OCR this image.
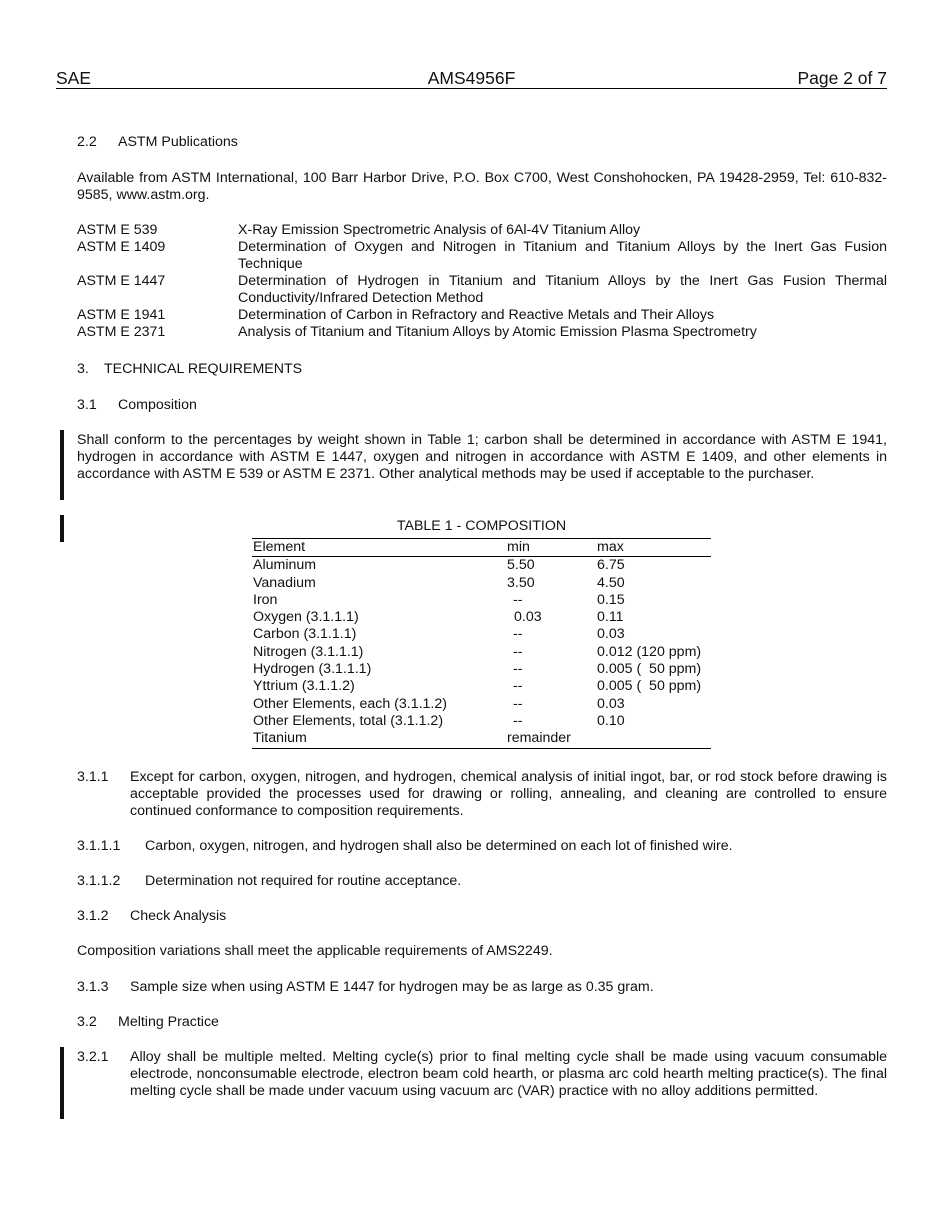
SAE	AMS4956F	Page 2 of 7
2.2 ASTM Publications
Available from ASTM International, 100 Barr Harbor Drive, P.O. Box C700, West Conshohocken, PA 19428-2959, Tel: 610-832-9585, www.astm.org.
ASTM E 539	X-Ray Emission Spectrometric Analysis of 6Al-4V Titanium Alloy
ASTM E 1409	Determination of Oxygen and Nitrogen in Titanium and Titanium Alloys by the Inert Gas Fusion Technique
ASTM E 1447	Determination of Hydrogen in Titanium and Titanium Alloys by the Inert Gas Fusion Thermal Conductivity/Infrared Detection Method
ASTM E 1941	Determination of Carbon in Refractory and Reactive Metals and Their Alloys
ASTM E 2371	Analysis of Titanium and Titanium Alloys by Atomic Emission Plasma Spectrometry
3. TECHNICAL REQUIREMENTS
3.1 Composition
Shall conform to the percentages by weight shown in Table 1; carbon shall be determined in accordance with ASTM E 1941, hydrogen in accordance with ASTM E 1447, oxygen and nitrogen in accordance with ASTM E 1409, and other elements in accordance with ASTM E 539 or ASTM E 2371. Other analytical methods may be used if acceptable to the purchaser.
TABLE 1 - COMPOSITION
Element	min	max
Aluminum	5.50	6.75
Vanadium	3.50	4.50
Iron	--	0.15
Oxygen (3.1.1.1)	0.03	0.11
Carbon (3.1.1.1)	--	0.03
Nitrogen (3.1.1.1)	--	0.012 (120 ppm)
Hydrogen (3.1.1.1)	--	0.005 (  50 ppm)
Yttrium (3.1.1.2)	--	0.005 (  50 ppm)
Other Elements, each (3.1.1.2)	--	0.03
Other Elements, total (3.1.1.2)	--	0.10
Titanium	remainder
3.1.1	Except for carbon, oxygen, nitrogen, and hydrogen, chemical analysis of initial ingot, bar, or rod stock before drawing is acceptable provided the processes used for drawing or rolling, annealing, and cleaning are controlled to ensure continued conformance to composition requirements.
3.1.1.1	Carbon, oxygen, nitrogen, and hydrogen shall also be determined on each lot of finished wire.
3.1.1.2	Determination not required for routine acceptance.
3.1.2 Check Analysis
Composition variations shall meet the applicable requirements of AMS2249.
3.1.3	Sample size when using ASTM E 1447 for hydrogen may be as large as 0.35 gram.
3.2 Melting Practice
3.2.1	Alloy shall be multiple melted. Melting cycle(s) prior to final melting cycle shall be made using vacuum consumable electrode, nonconsumable electrode, electron beam cold hearth, or plasma arc cold hearth melting practice(s). The final melting cycle shall be made under vacuum using vacuum arc (VAR) practice with no alloy additions permitted.
